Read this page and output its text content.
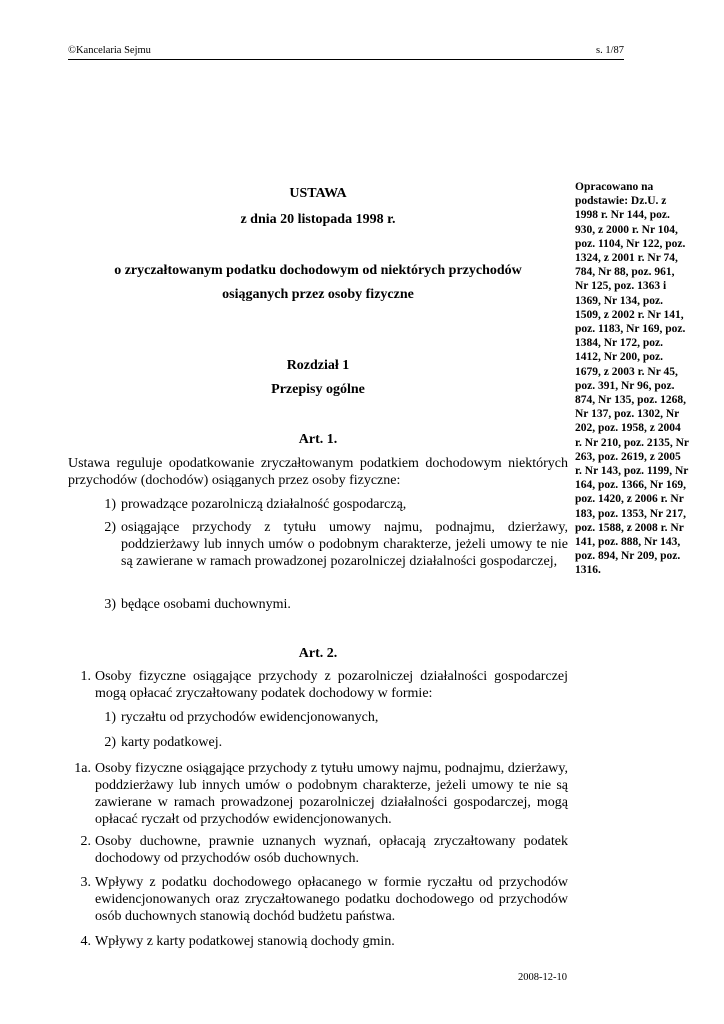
©Kancelaria Sejmu	s. 1/87
USTAWA
z dnia 20 listopada 1998 r.
o zryczałtowanym podatku dochodowym od niektórych przychodów
osiąganych przez osoby fizyczne
Rozdział 1
Przepisy ogólne
Art. 1.
Ustawa reguluje opodatkowanie zryczałtowanym podatkiem dochodowym niektórych przychodów (dochodów) osiąganych przez osoby fizyczne:
1) prowadzące pozarolniczą działalność gospodarczą,
2) osiągające przychody z tytułu umowy najmu, podnajmu, dzierżawy, poddzierżawy lub innych umów o podobnym charakterze, jeżeli umowy te nie są zawierane w ramach prowadzonej pozarolniczej działalności gospodarczej,
3) będące osobami duchownymi.
Art. 2.
1. Osoby fizyczne osiągające przychody z pozarolniczej działalności gospodarczej mogą opłacać zryczałtowany podatek dochodowy w formie:
1) ryczałtu od przychodów ewidencjonowanych,
2) karty podatkowej.
1a. Osoby fizyczne osiągające przychody z tytułu umowy najmu, podnajmu, dzierżawy, poddzierżawy lub innych umów o podobnym charakterze, jeżeli umowy te nie są zawierane w ramach prowadzonej pozarolniczej działalności gospodarczej, mogą opłacać ryczałt od przychodów ewidencjonowanych.
2. Osoby duchowne, prawnie uznanych wyznań, opłacają zryczałtowany podatek dochodowy od przychodów osób duchownych.
3. Wpływy z podatku dochodowego opłacanego w formie ryczałtu od przychodów ewidencjonowanych oraz zryczałtowanego podatku dochodowego od przychodów osób duchownych stanowią dochód budżetu państwa.
4. Wpływy z karty podatkowej stanowią dochody gmin.
Opracowano na podstawie: Dz.U. z 1998 r. Nr 144, poz. 930, z 2000 r. Nr 104, poz. 1104, Nr 122, poz. 1324, z 2001 r. Nr 74, 784, Nr 88, poz. 961, Nr 125, poz. 1363 i 1369, Nr 134, poz. 1509, z 2002 r. Nr 141, poz. 1183, Nr 169, poz. 1384, Nr 172, poz. 1412, Nr 200, poz. 1679, z 2003 r. Nr 45, poz. 391, Nr 96, poz. 874, Nr 135, poz. 1268, Nr 137, poz. 1302, Nr 202, poz. 1958, z 2004 r. Nr 210, poz. 2135, Nr 263, poz. 2619, z 2005 r. Nr 143, poz. 1199, Nr 164, poz. 1366, Nr 169, poz. 1420, z 2006 r. Nr 183, poz. 1353, Nr 217, poz. 1588, z 2008 r. Nr 141, poz. 888, Nr 143, poz. 894, Nr 209, poz. 1316.
2008-12-10
